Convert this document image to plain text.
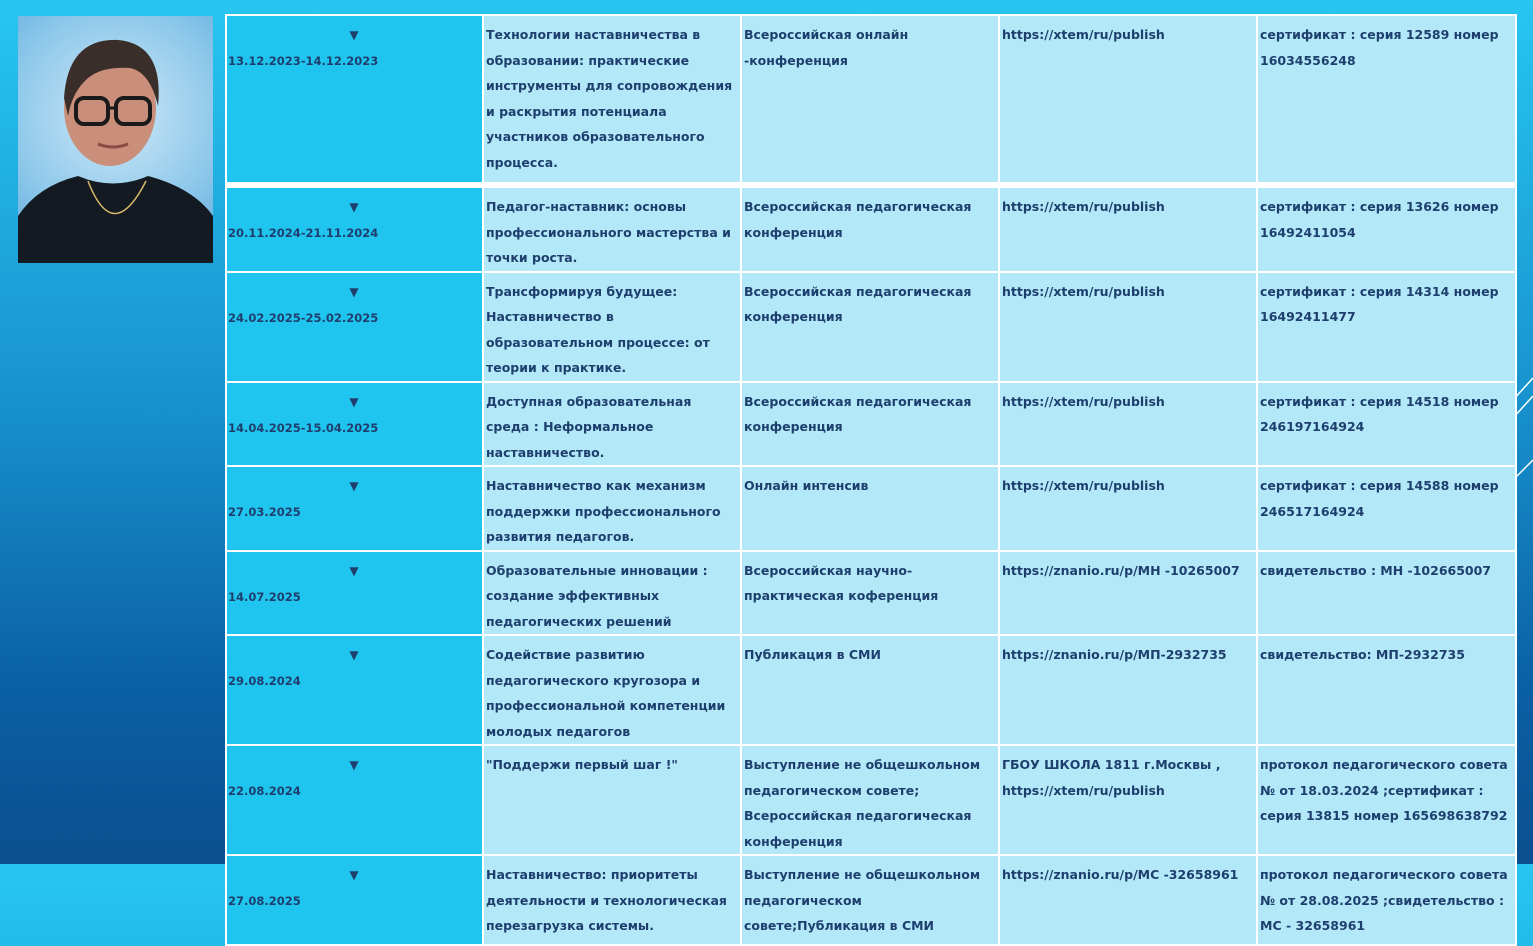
▼
13.12.2023-14.12.2023	Технологии наставничества в образовании: практические инструменты для сопровождения и раскрытия потенциала участников образовательного процесса.	Всероссийская онлайн -конференция	https://xtem/ru/publish	сертификат : серия 12589 номер 16034556248

▼
20.11.2024-21.11.2024	Педагог-наставник: основы профессионального мастерства и точки роста.	Всероссийская педагогическая конференция	https://xtem/ru/publish	сертификат : серия 13626 номер 16492411054

▼
24.02.2025-25.02.2025	Трансформируя будущее: Наставничество в образовательном процессе: от теории к практике.	Всероссийская педагогическая конференция	https://xtem/ru/publish	сертификат : серия 14314 номер 16492411477

▼
14.04.2025-15.04.2025	Доступная образовательная среда : Неформальное наставничество.	Всероссийская педагогическая конференция	https://xtem/ru/publish	сертификат : серия 14518 номер 246197164924

▼
27.03.2025	Наставничество как механизм поддержки профессионального развития педагогов.	Онлайн интенсив	https://xtem/ru/publish	сертификат : серия 14588 номер 246517164924

▼
14.07.2025	Образовательные инновации : создание эффективных педагогических решений	Всероссийская научно-практическая коференция	https://znanio.ru/p/МН -10265007	свидетельство : МН -102665007

▼
29.08.2024	Содействие развитию педагогического кругозора и профессиональной компетенции молодых педагогов	Публикация в СМИ	https://znanio.ru/p/МП-2932735	свидетельство: МП-2932735

▼
22.08.2024	"Поддержи первый шаг !"	Выступление не общешкольном педагогическом совете; Всероссийская педагогическая конференция	ГБОУ ШКОЛА 1811 г.Москвы , https://xtem/ru/publish	протокол педагогического совета № от 18.03.2024 ;сертификат : серия 13815 номер 165698638792

▼
27.08.2025	Наставничество: приоритеты деятельности и технологическая перезагрузка системы.	Выступление не общешкольном педагогическом совете;Публикация в СМИ	https://znanio.ru/p/МС -32658961	протокол педагогического совета № от 28.08.2025 ;свидетельство : МС - 32658961
